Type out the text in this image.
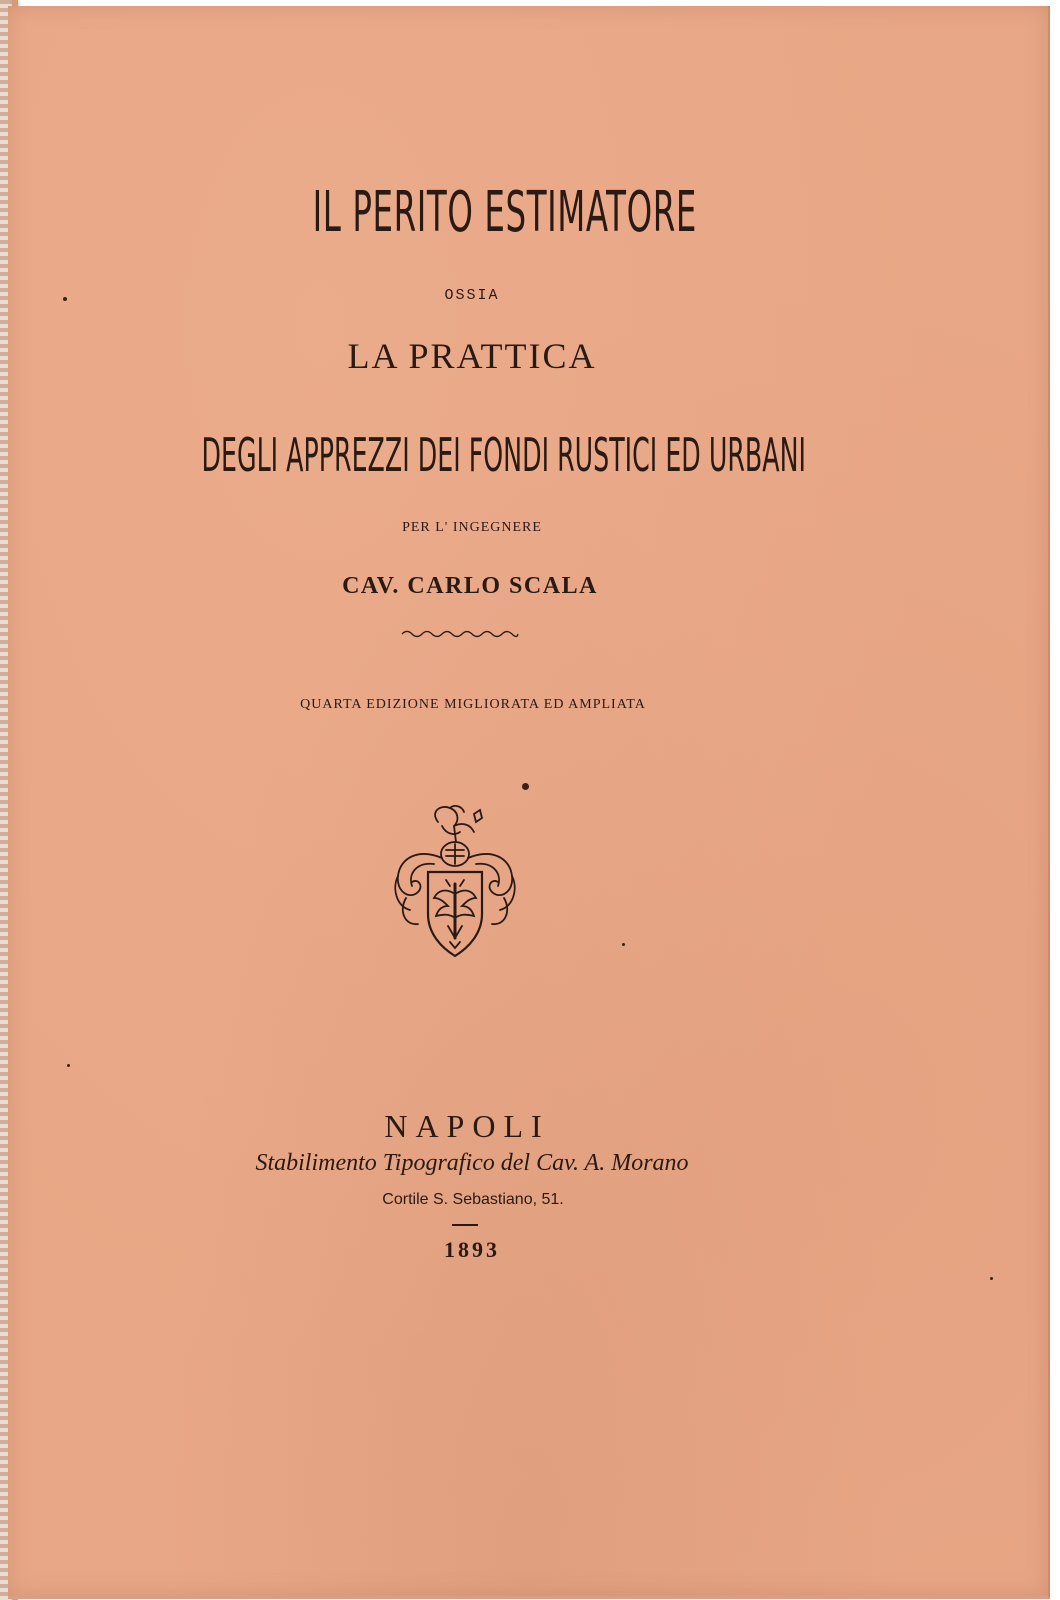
IL PERITO ESTIMATORE
OSSIA
LA PRATTICA
DEGLI APPREZZI DEI FONDI RUSTICI ED URBANI
PER L' INGEGNERE
CAV. CARLO SCALA
QUARTA EDIZIONE MIGLIORATA ED AMPLIATA
NAPOLI
Stabilimento Tipografico del Cav. A. Morano
Cortile S. Sebastiano, 51.
1893
